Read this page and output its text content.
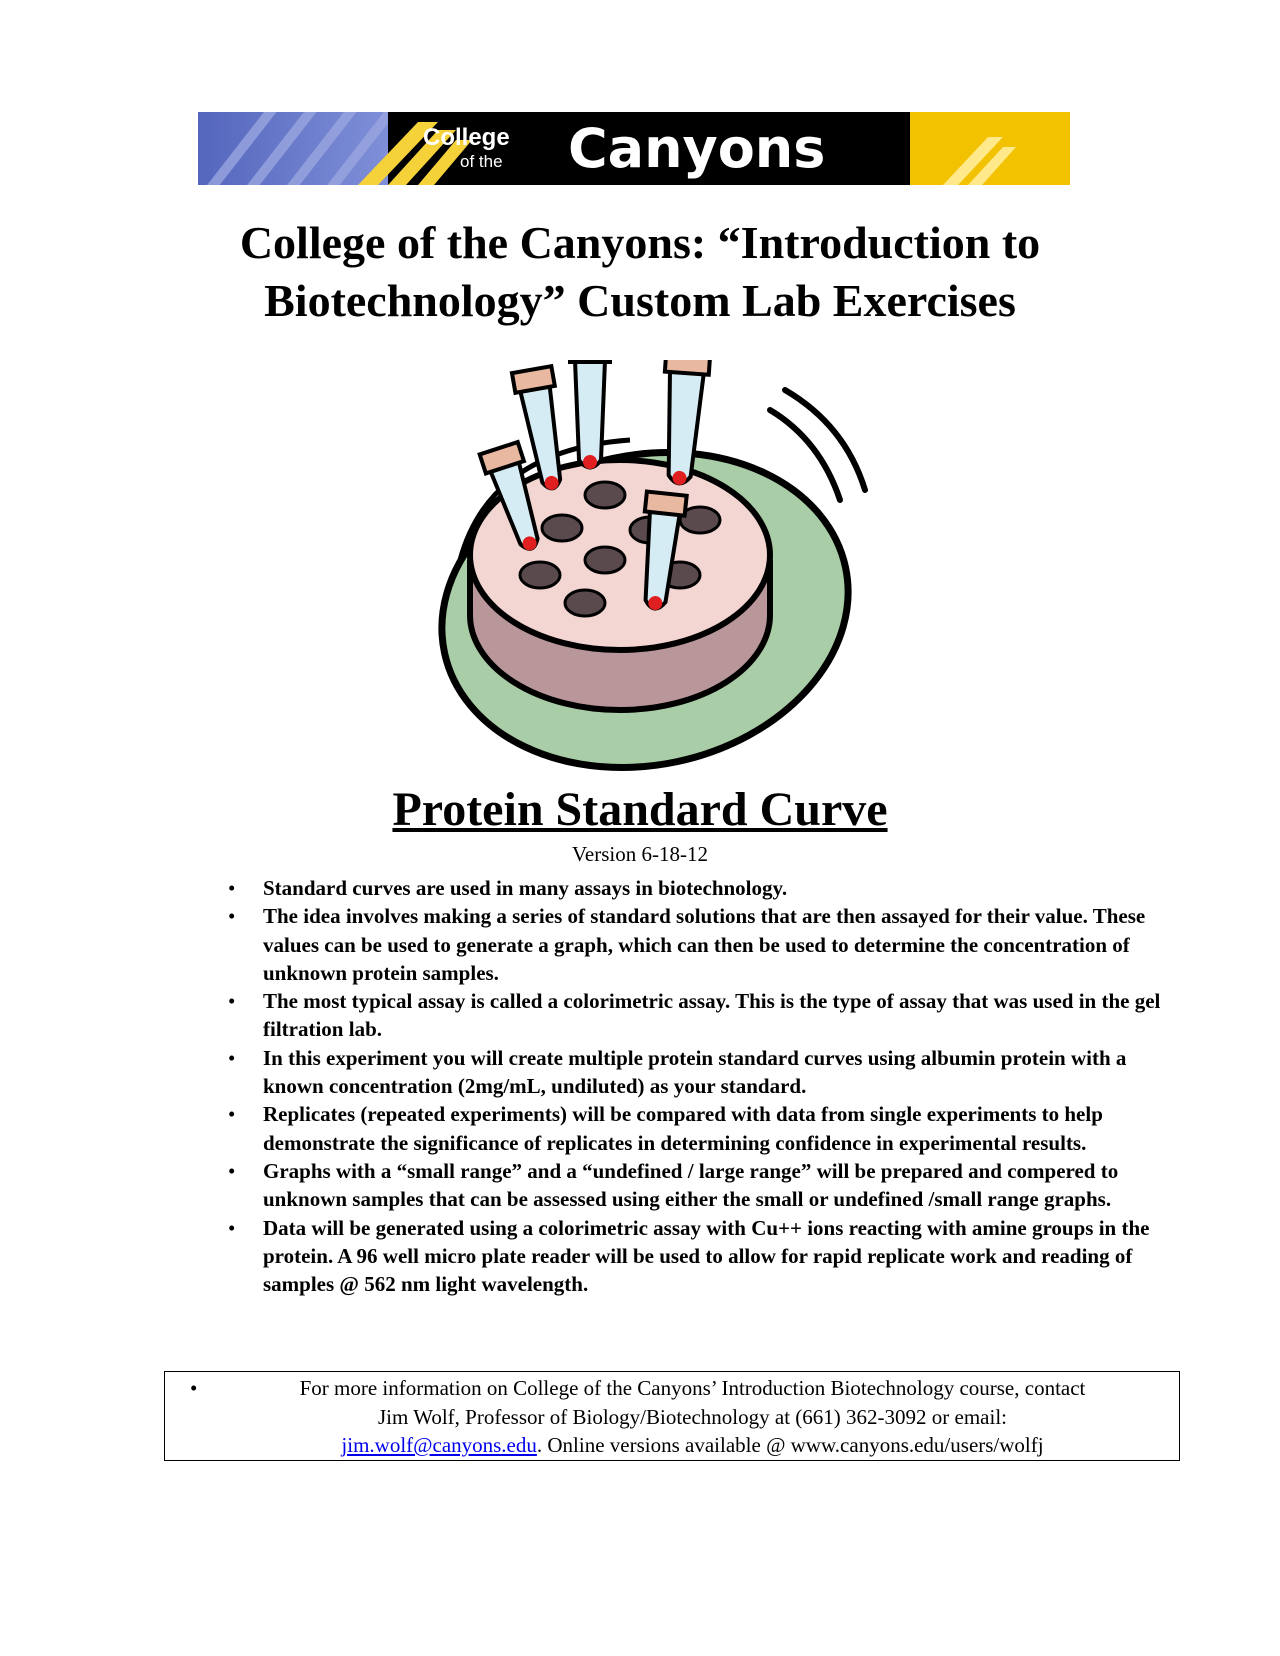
College
of the Canyons
College of the Canyons: “Introduction to
Biotechnology” Custom Lab Exercises
Protein Standard Curve
Version 6-18-12
• Standard curves are used in many assays in biotechnology.
• The idea involves making a series of standard solutions that are then assayed for their value. These values can be used to generate a graph, which can then be used to determine the concentration of unknown protein samples.
• The most typical assay is called a colorimetric assay. This is the type of assay that was used in the gel filtration lab.
• In this experiment you will create multiple protein standard curves using albumin protein with a known concentration (2mg/mL, undiluted) as your standard.
• Replicates (repeated experiments) will be compared with data from single experiments to help demonstrate the significance of replicates in determining confidence in experimental results.
• Graphs with a “small range” and a “undefined / large range” will be prepared and compered to unknown samples that can be assessed using either the small or undefined /small range graphs.
• Data will be generated using a colorimetric assay with Cu++ ions reacting with amine groups in the protein. A 96 well micro plate reader will be used to allow for rapid replicate work and reading of samples @ 562 nm light wavelength.
•	For more information on College of the Canyons’ Introduction Biotechnology course, contact
Jim Wolf, Professor of Biology/Biotechnology at (661) 362-3092 or email:
jim.wolf@canyons.edu. Online versions available @ www.canyons.edu/users/wolfj
